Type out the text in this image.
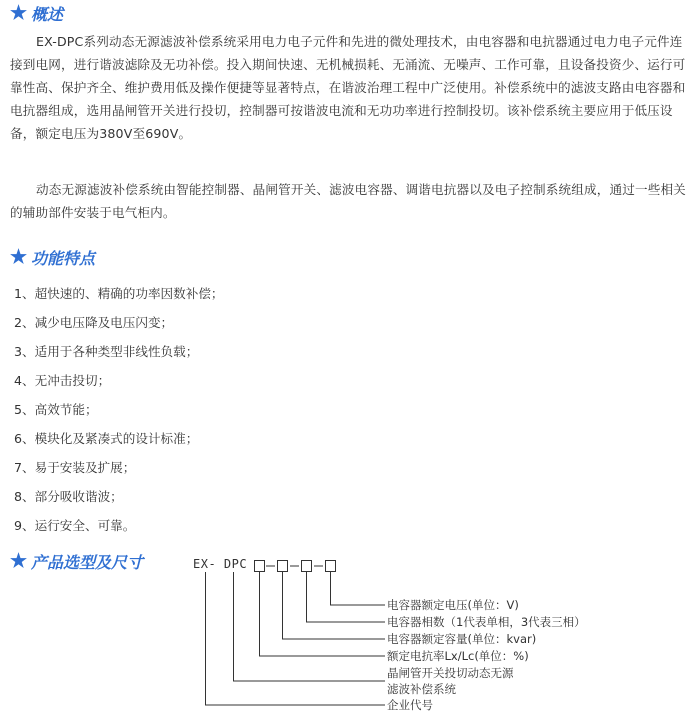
★ 概述

EX-DPC系列动态无源滤波补偿系统采用电力电子元件和先进的微处理技术，由电容器和电抗器通过电力电子元件连接到电网，进行谐波滤除及无功补偿。投入期间快速、无机械损耗、无涌流、无噪声、工作可靠，且设备投资少、运行可靠性高、保护齐全、维护费用低及操作便捷等显著特点，在谐波治理工程中广泛使用。补偿系统中的滤波支路由电容器和电抗器组成，选用晶闸管开关进行投切，控制器可按谐波电流和无功功率进行控制投切。该补偿系统主要应用于低压设备，额定电压为380V至690V。

动态无源滤波补偿系统由智能控制器、晶闸管开关、滤波电容器、调谐电抗器以及电子控制系统组成，通过一些相关的辅助部件安装于电气柜内。

★ 功能特点
1、超快速的、精确的功率因数补偿；
2、减少电压降及电压闪变；
3、适用于各种类型非线性负载；
4、无冲击投切；
5、高效节能；
6、模块化及紧凑式的设计标准；
7、易于安装及扩展；
8、部分吸收谐波；
9、运行安全、可靠。
★ 产品选型及尺寸	EX- DPC
电容器额定电压(单位：V)
电容器相数（1代表单相，3代表三相）
电容器额定容量(单位：kvar)
额定电抗率Lx/Lc(单位：%)
晶闸管开关投切动态无源
滤波补偿系统
企业代号
